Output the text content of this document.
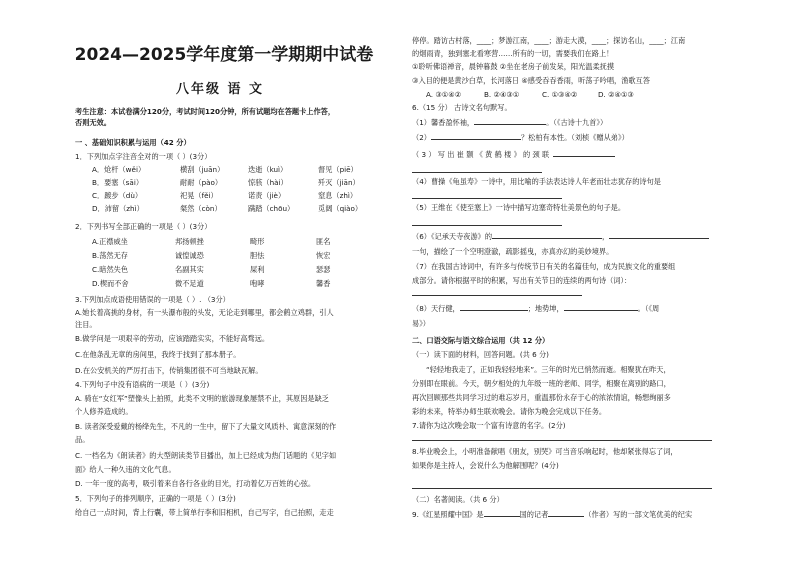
2024—2025学年度第一学期期中试卷
八年级 语 文
考生注意：本试卷满分120分，考试时间120分钟，所有试题均在答题卡上作答，
否则无效。
一 、基础知识积累与运用（42 分）
1．下列加点字注音全对的一项（ ）(3分）
A．炝杆（wěi）	横刮（juān）	迭逝（kuì）	督见（piē）
B．要塞（sāi）	耐耐（pào）	惊骇（hài）	歼灭（jiān）
C．踱步（dù）	祀晃（fěi）	诺责（jiè）	窒息（zhì）
D．沛留（zhì）	粲然（còn）	蹒踏（chōu）	觅阔（qiào）
2．下列书写全部正确的一项是（ ）(3分）
A.正襟威坐	邦扬顿挫	畸形	匪名
B.荡然无存	诚惶诚恐	胆怯	恢宏
C.暗然失色	名副其实	屎利	瑟瑟
D.楔而不舍	微不足道	咆哮	馨香
3.下列加点成语使用错误的一项是（ ）. （3分）
A.她长着高挑的身材，有一头瀑布般的头发，无论走到哪里，都会鹤立鸡群，引人
注目。
B.做学问是一项艰辛的劳动，应该踏踏实实，不能好高骛远。
C.在他条乱无章的房间里，我终于找到了那本册子。
D.在公安机关的严厉打击下，传销集团很不可当地缺瓦解。
4.下列句子中没有语病的一项是（ ）(3分)
A. 骑在“女红军”塑像头上拍照，此类不文明的旅游现象屡禁不止，其原因是缺乏
个人修养造成的。
B. 读者深受爱戴的杨绛先生，不凡的一生中，留下了大量文风质朴、寓意深刻的作
品。
C. 一档名为《朗读者》的大型朗读类节目播出，加上已经成为热门话题的《见字如
面》给人一种久违的文化气息。
D. 一年一度的高考，吸引着来自各行各业的目光，打动着亿万百姓的心弦。
5．下列句子的排列顺序，正确的一项是（ ）(3分)
给自己一点时间，背上行囊，带上简单行李和旧相机，自己写字，自己拍照，走走
停停。踏访古村落，____；梦游江南，____；游走大漠，____；探访名山，____；江南
的烟雨青，独到塞北看寒营……所有的一切，需要我们在路上！
①聆听佛语禅音，晨钟暮鼓 ②坐在老房子前发呆，阳光温柔抚摸
③入目的便是黄沙白草，长河落日 ④感受吞吞香雨，听荡子吟唱，渔歌互答
A. ③①④②	B. ②④③①	C. ①③④②	D. ②④①③
6.（15 分） 古诗文名句默写。
（1）馨香盈怀袖，	。（《古诗十九首》）
（2）	？松柏有本性。（刘桢《赠从弟》）
（ 3 ） 写 出 崔 颢 《 黄 鹤 楼 》 的 颈 联
（4）曹操《龟虽寿》一诗中，用比喻的手法表达诗人年老而壮志犹存的诗句是
（5）王维在《使至塞上》一诗中描写边塞奇特壮美景色的句子是。
（6）《记承天寺夜游》的	，
一句，描绘了一个空明澄澈，疏影摇曳，亦真亦幻的美妙境界。
（7）在我国古诗词中，有许多与传统节日有关的名篇佳句，成为民族文化的重要组
成部分。请你根据平时的积累，写出有关节日的连续的两句诗（词）：
（8）天行健，	；地势坤，	。（《周
易》）
二、口语交际与语文综合运用（共 12 分）
（一）读下面的材料，回答问题。(共 6 分)
“轻轻地我走了，正如我轻轻地来”。三年的时光已悄然而逝。相聚犹在昨天，
分别即在眼前。今天，朝夕相处的九年级一班的老师、同学，相聚在离别的路口，
再次回顾那些共同学习过的难忘岁月，重温那份永存于心的浓浓情谊，畅想绚丽多
彩的未来，特举办师生联欢晚会。请你为晚会完成以下任务。
7.请你为这次晚会取一个富有诗意的名字。(2分)
8.毕业晚会上，小明准备献唱《朋友，别哭》可当音乐响起时，他却紧张得忘了词，
如果你是主持人，会说什么为他解围呢？(4分)
（二）名著阅读。（共 6 分）
9.《红星照耀中国》是	国的记者	（作者）写的一部文笔优美的纪实
